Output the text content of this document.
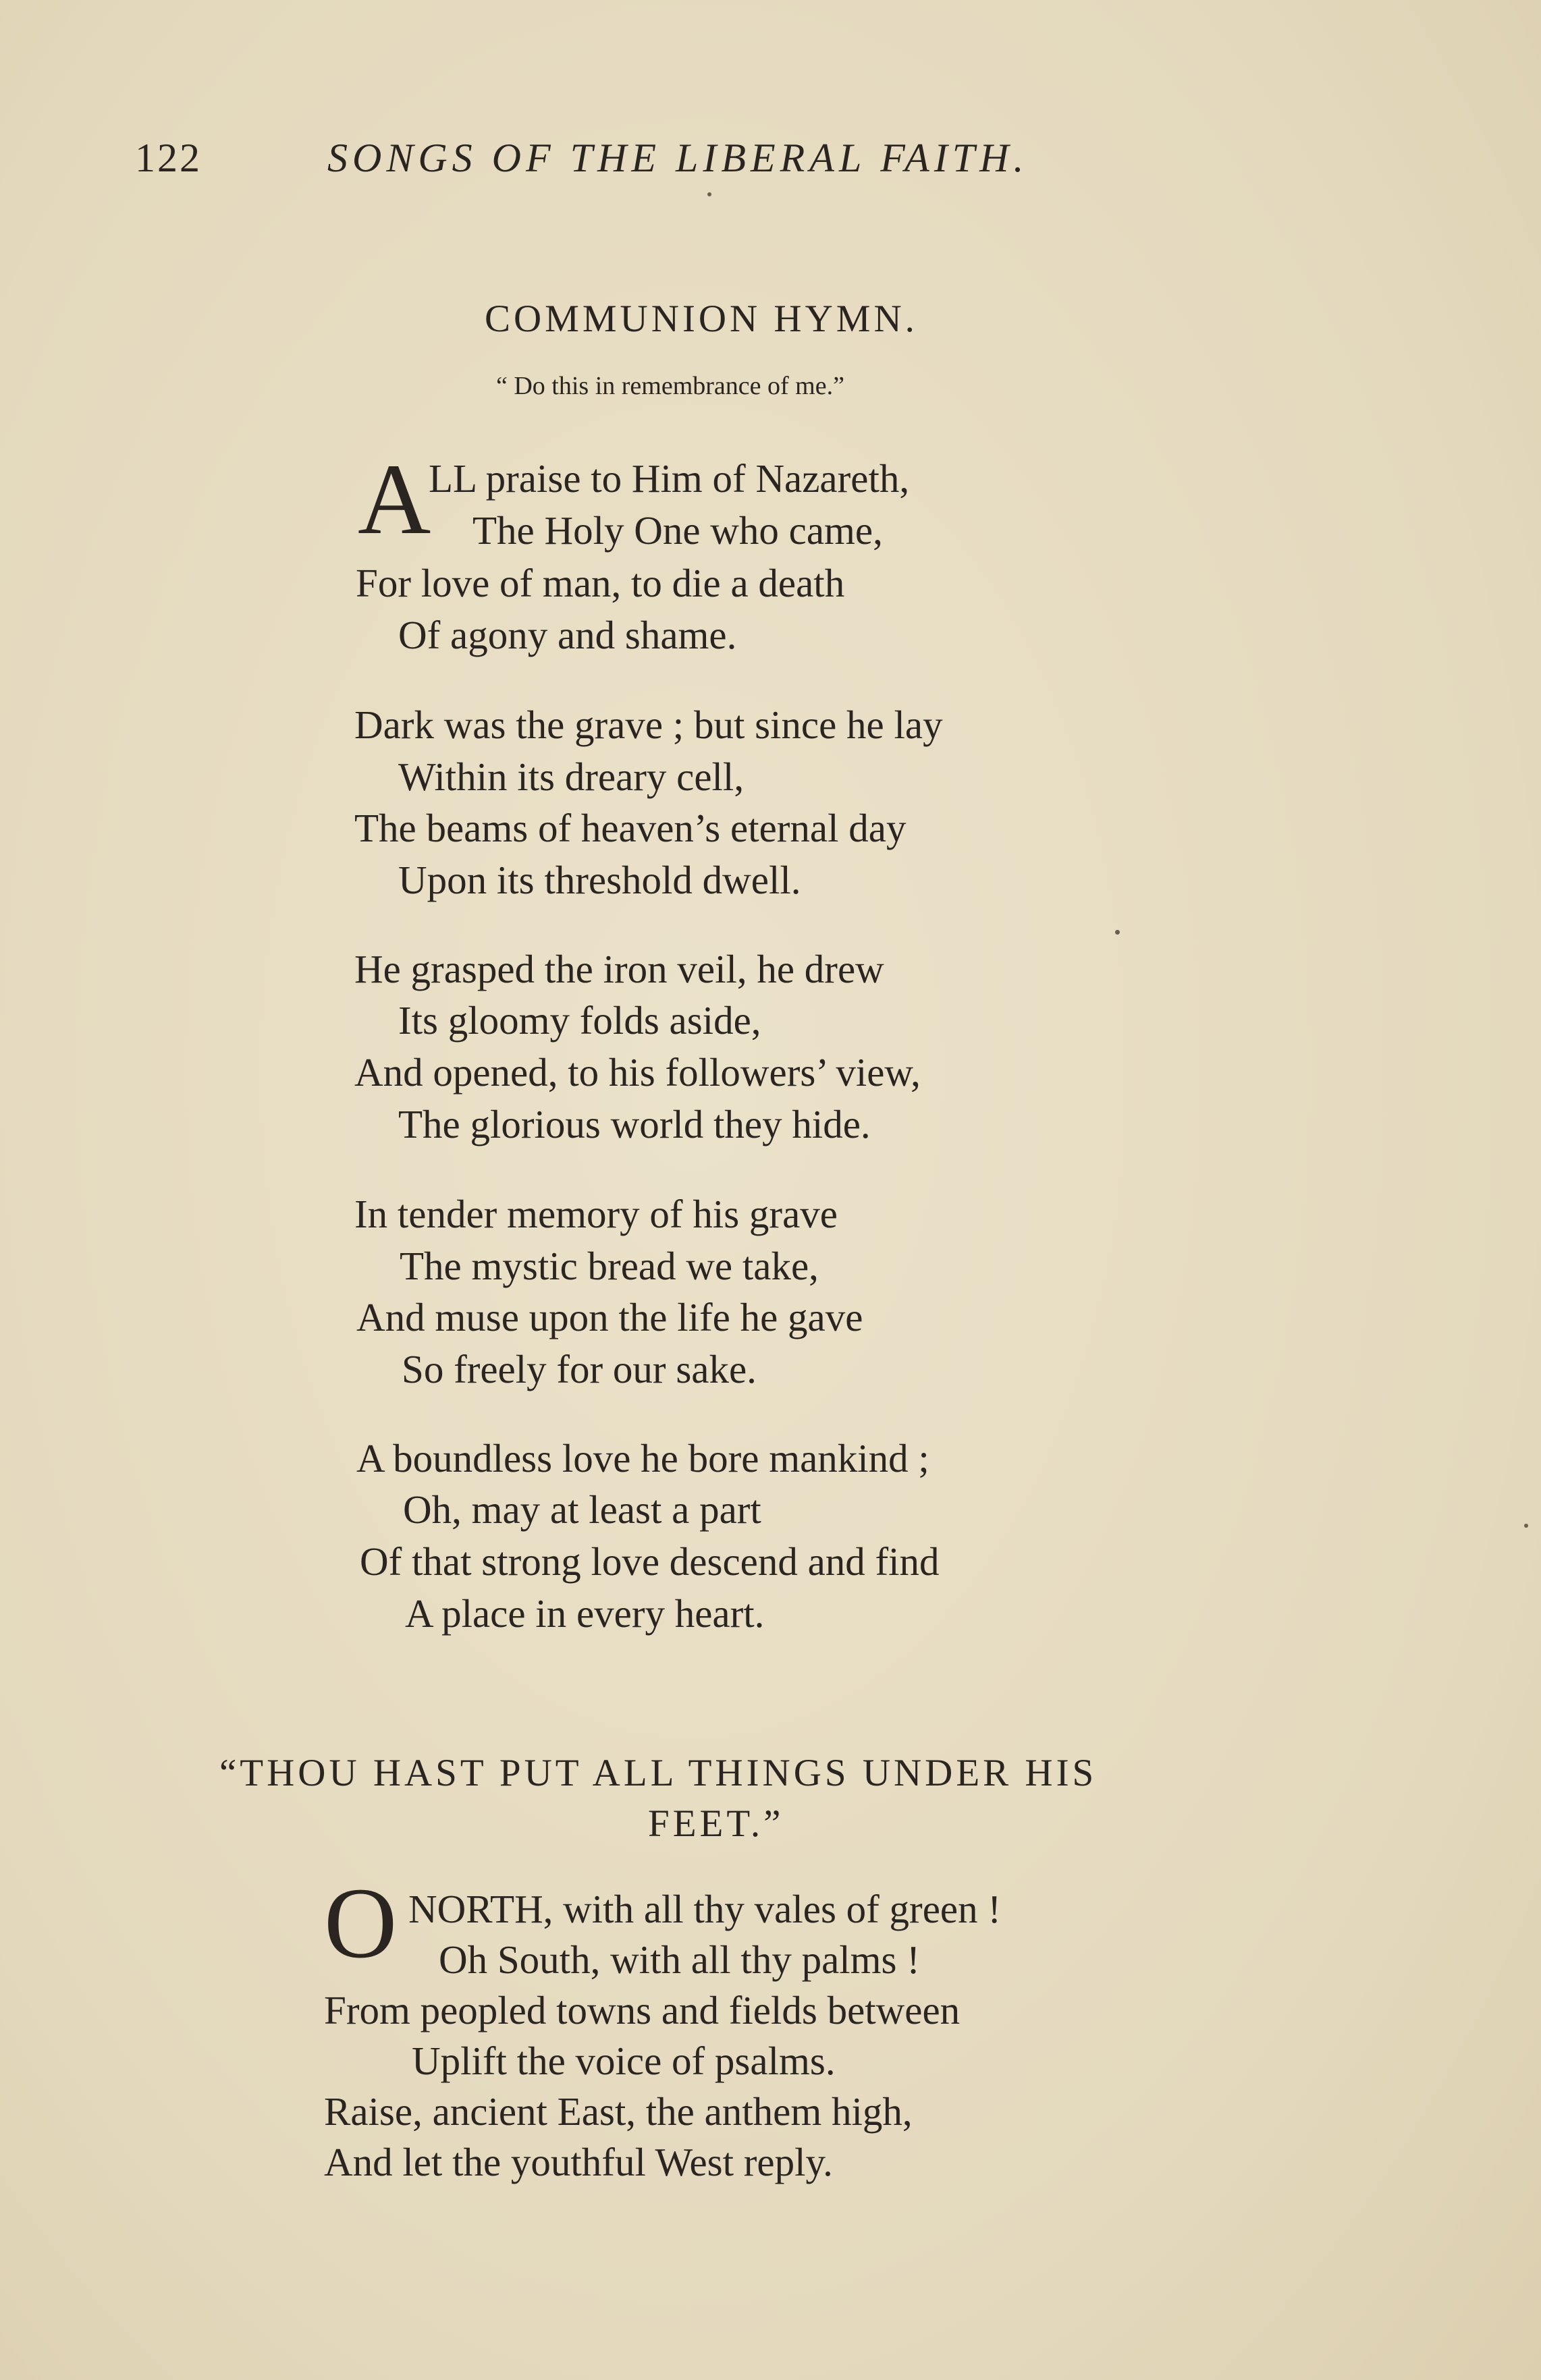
122	SONGS OF THE LIBERAL FAITH.
COMMUNION HYMN.
“ Do this in remembrance of me.”
A
LL praise to Him of Nazareth,
The Holy One who came,
For love of man, to die a death
Of agony and shame.
Dark was the grave ; but since he lay
Within its dreary cell,
The beams of heaven’s eternal day
Upon its threshold dwell.
He grasped the iron veil, he drew
Its gloomy folds aside,
And opened, to his followers’ view,
The glorious world they hide.
In tender memory of his grave
The mystic bread we take,
And muse upon the life he gave
So freely for our sake.
A boundless love he bore mankind ;
Oh, may at least a part
Of that strong love descend and find
A place in every heart.
“THOU HAST PUT ALL THINGS UNDER HIS
FEET.”
O NORTH, with all thy vales of green !
Oh South, with all thy palms !
From peopled towns and fields between
Uplift the voice of psalms.
Raise, ancient East, the anthem high,
And let the youthful West reply.
